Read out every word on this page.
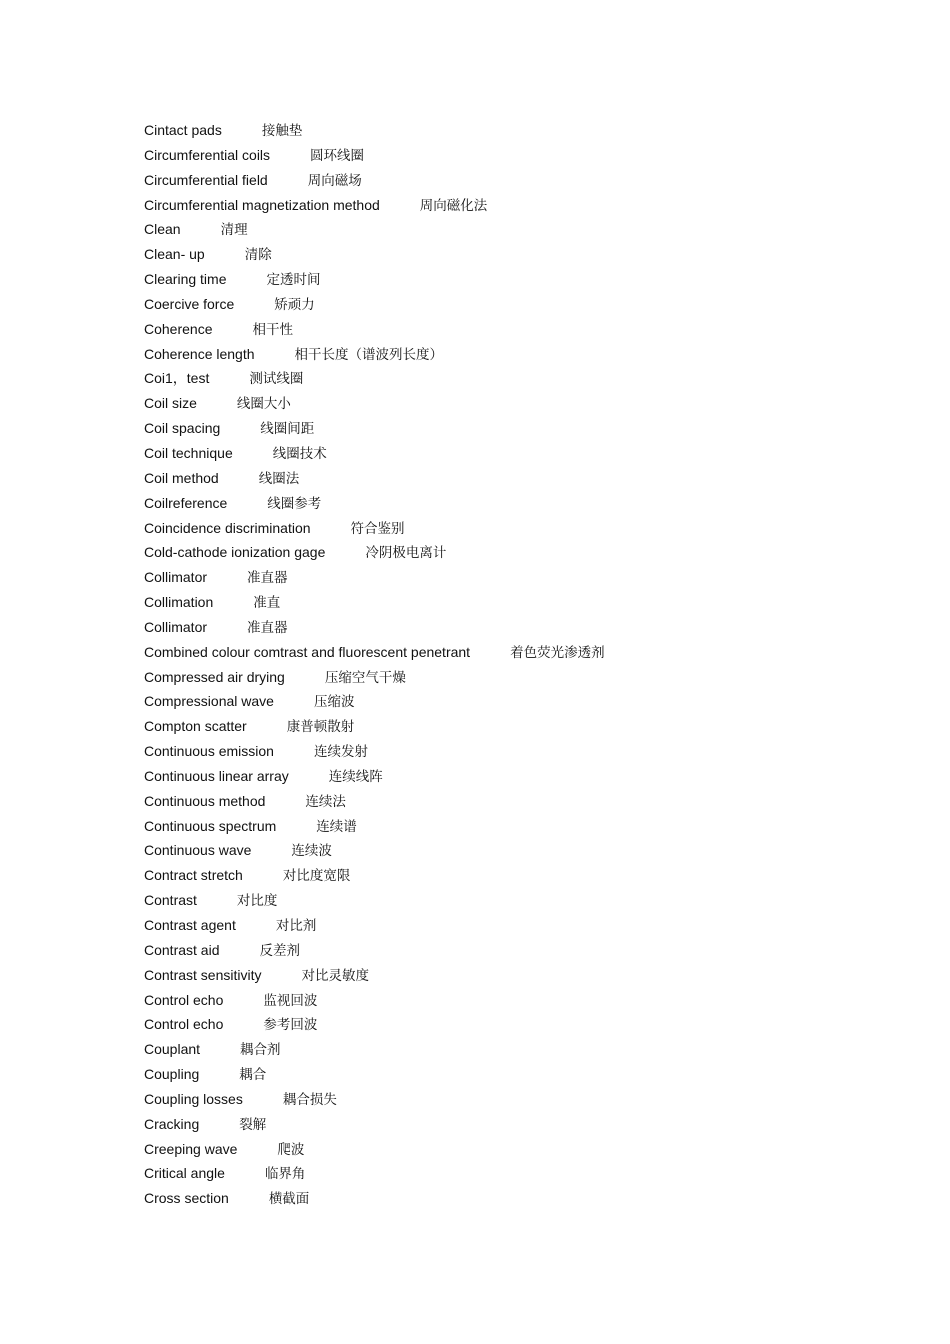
Cintact pads	接触垫
Circumferential coils	圆环线圈
Circumferential field	周向磁场
Circumferential magnetization method	周向磁化法
Clean	清理
Clean- up	清除
Clearing time	定透时间
Coercive force	矫顽力
Coherence	相干性
Coherence length	相干长度（谱波列长度）
Coi1，test	测试线圈
Coil size	线圈大小
Coil spacing	线圈间距
Coil technique	线圈技术
Coil method	线圈法
Coilreference	线圈参考
Coincidence discrimination	符合鉴别
Cold-cathode ionization gage	冷阴极电离计
Collimator	准直器
Collimation	准直
Collimator	准直器
Combined colour comtrast and fluorescent penetrant	着色荧光渗透剂
Compressed air drying	压缩空气干燥
Compressional wave	压缩波
Compton scatter	康普顿散射
Continuous emission	连续发射
Continuous linear array	连续线阵
Continuous method	连续法
Continuous spectrum	连续谱
Continuous wave	连续波
Contract stretch	对比度宽限
Contrast	对比度
Contrast agent	对比剂
Contrast aid	反差剂
Contrast sensitivity	对比灵敏度
Control echo	监视回波
Control echo	参考回波
Couplant	耦合剂
Coupling	耦合
Coupling losses	耦合损失
Cracking	裂解
Creeping wave	爬波
Critical angle	临界角
Cross section	横截面
